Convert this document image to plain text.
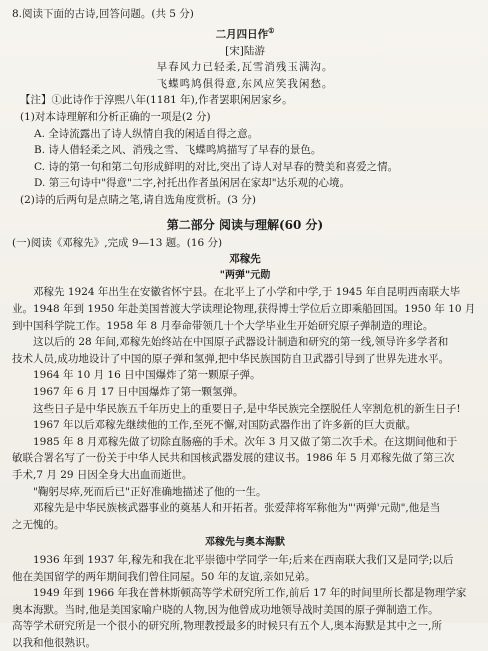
8.阅读下面的古诗,回答问题。(共 5 分)
二月四日作①
[宋]陆游
早春风力已轻柔,瓦雪消残玉满沟。
飞蝶鸣鸠俱得意,东风应笑我闲愁。
【注】①此诗作于淳熙八年(1181 年),作者罢职闲居家乡。
(1)对本诗理解和分析正确的一项是(2 分)
A. 全诗流露出了诗人纵情自我的闲适自得之意。
B. 诗人借轻柔之风、消残之雪、飞蝶鸣鸠描写了早春的景色。
C. 诗的第一句和第二句形成鲜明的对比,突出了诗人对早春的赞美和喜爱之情。
D. 第三句诗中"得意"二字,衬托出作者虽闲居在家却"达乐观的心境。
(2)诗的后两句是点睛之笔,请自选角度赏析。(3 分)
第二部分 阅读与理解(60 分)
(一)阅读《邓稼先》,完成 9—13 题。(16 分)
邓稼先
"两弹"元勋
邓稼先 1924 年出生在安徽省怀宁县。在北平上了小学和中学,于 1945 年自昆明西南联大毕
业。1948 年到 1950 年赴美国普渡大学读理论物理,获得博士学位后立即乘船回国。1950 年 10 月
到中国科学院工作。1958 年 8 月奉命带领几十个大学毕业生开始研究原子弹制造的理论。
这以后的 28 年间,邓稼先始终站在中国原子武器设计制造和研究的第一线,领导许多学者和
技术人员,成功地设计了中国的原子弹和氢弹,把中华民族国防自卫武器引导到了世界先进水平。
1964 年 10 月 16 日中国爆炸了第一颗原子弹。
1967 年 6 月 17 日中国爆炸了第一颗氢弹。
这些日子是中华民族五千年历史上的重要日子,是中华民族完全摆脱任人宰割危机的新生日子!
1967 年以后邓稼先继续他的工作,至死不懈,对国防武器作出了许多新的巨大贡献。
1985 年 8 月邓稼先做了切除直肠癌的手术。次年 3 月又做了第二次手术。在这期间他和于
敏联合署名写了一份关于中华人民共和国核武器发展的建议书。1986 年 5 月邓稼先做了第三次
手术,7 月 29 日因全身大出血而逝世。
"鞠躬尽瘁,死而后已"正好准确地描述了他的一生。
邓稼先是中华民族核武器事业的奠基人和开拓者。张爱萍将军称他为"'两弹'元勋",他是当
之无愧的。
邓稼先与奥本海默
1936 年到 1937 年,稼先和我在北平崇德中学同学一年;后来在西南联大我们又是同学;以后
他在美国留学的两年期间我们曾住同屋。50 年的友谊,亲如兄弟。
1949 年到 1966 年我在普林斯顿高等学术研究所工作,前后 17 年的时间里所长都是物理学家
奥本海默。当时,他是美国家喻户晓的人物,因为他曾成功地领导战时美国的原子弹制造工作。
高等学术研究所是一个很小的研究所,物理教授最多的时候只有五个人,奥本海默是其中之一,所
以我和他很熟识。
